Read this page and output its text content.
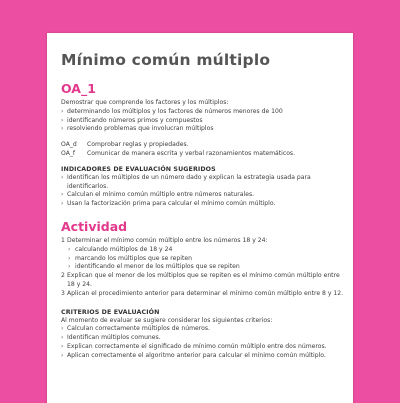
Mínimo común múltiplo
OA_1

Demostrar que comprende los factores y los múltiplos:

› determinando los múltiplos y los factores de números menores de 100
› identificando números primos y compuestos
› resolviendo problemas que involucran múltiplos
OA_d	Comprobar reglas y propiedades.
OA_f	Comunicar de manera escrita y verbal razonamientos matemáticos.
INDICADORES DE EVALUACIÓN SUGERIDOS
› Identifican los múltiplos de un número dado y explican la estrategia usada para identificarlos.
› Calculan el mínimo común múltiplo entre números naturales.
› Usan la factorización prima para calcular el mínimo común múltiplo.
Actividad
1 Determinar el mínimo común múltiplo entre los números 18 y 24:
› calculando múltiplos de 18 y 24
› marcando los múltiplos que se repiten
› identificando el menor de los múltiplos que se repiten
2 Explican que el menor de los múltiplos que se repiten es el mínimo común múltiplo entre 18 y 24.
3 Aplican el procedimiento anterior para determinar el mínimo común múltiplo entre 8 y 12.
CRITERIOS DE EVALUACIÓN

Al momento de evaluar se sugiere considerar los siguientes criterios:

› Calculan correctamente múltiplos de números.
› Identifican múltiplos comunes.
› Explican correctamente el significado de mínimo común múltiplo entre dos números.
› Aplican correctamente el algoritmo anterior para calcular el mínimo común múltiplo.
